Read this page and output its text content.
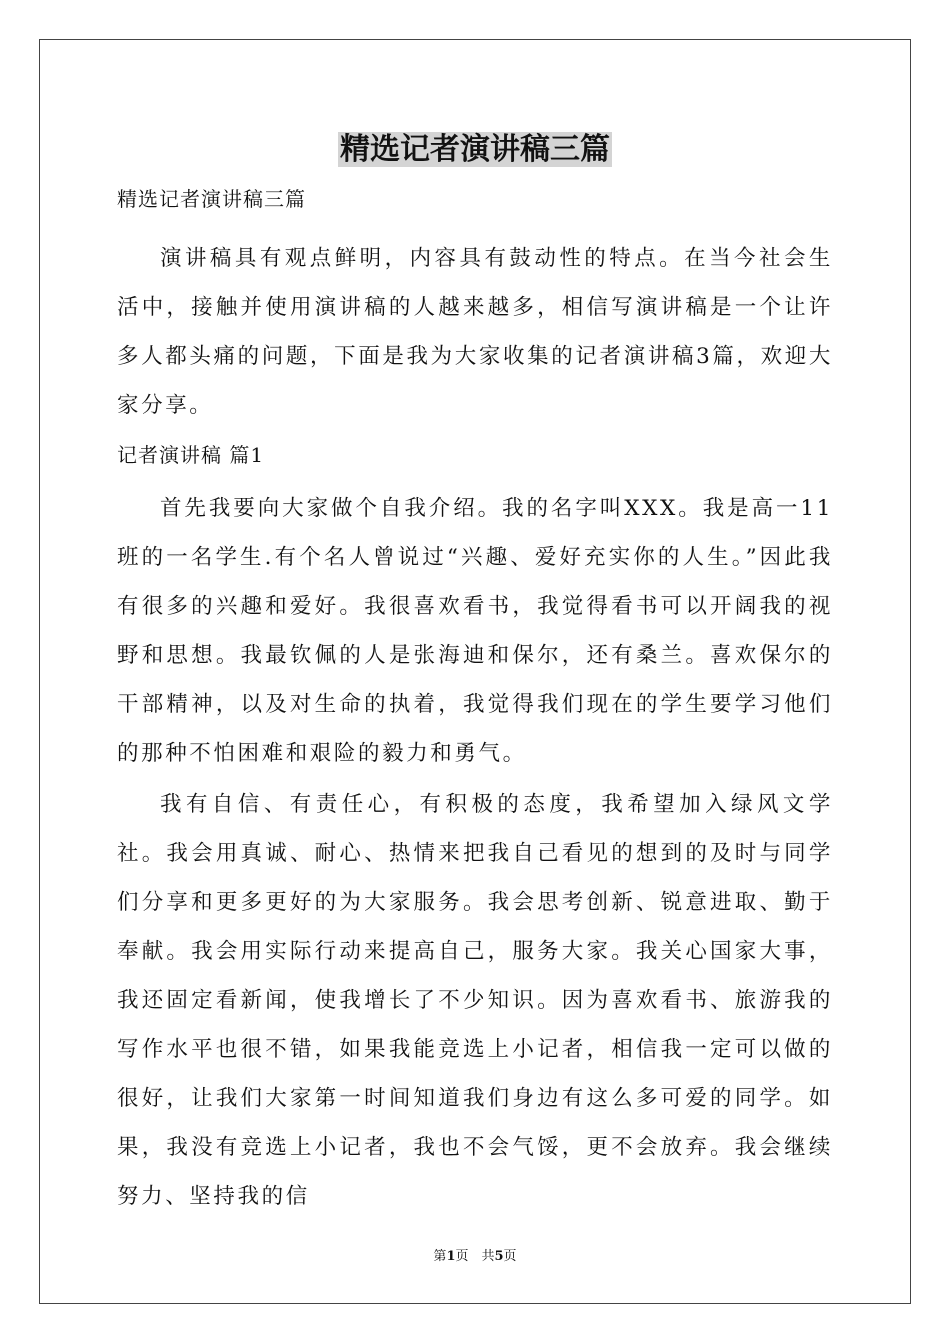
精选记者演讲稿三篇

精选记者演讲稿三篇

演讲稿具有观点鲜明，内容具有鼓动性的特点。在当今社会生活中，接触并使用演讲稿的人越来越多，相信写演讲稿是一个让许多人都头痛的问题，下面是我为大家收集的记者演讲稿3篇，欢迎大家分享。

记者演讲稿 篇1

首先我要向大家做个自我介绍。我的名字叫XXX。我是高一11班的一名学生.有个名人曾说过“兴趣、爱好充实你的人生。”因此我有很多的兴趣和爱好。我很喜欢看书，我觉得看书可以开阔我的视野和思想。我最钦佩的人是张海迪和保尔，还有桑兰。喜欢保尔的干部精神，以及对生命的执着，我觉得我们现在的学生要学习他们的那种不怕困难和艰险的毅力和勇气。

我有自信、有责任心，有积极的态度，我希望加入绿风文学社。我会用真诚、耐心、热情来把我自己看见的想到的及时与同学们分享和更多更好的为大家服务。我会思考创新、锐意进取、勤于奉献。我会用实际行动来提高自己，服务大家。我关心国家大事，我还固定看新闻，使我增长了不少知识。因为喜欢看书、旅游我的写作水平也很不错，如果我能竞选上小记者，相信我一定可以做的很好，让我们大家第一时间知道我们身边有这么多可爱的同学。如果，我没有竞选上小记者，我也不会气馁，更不会放弃。我会继续努力、坚持我的信

第1页　共5页
